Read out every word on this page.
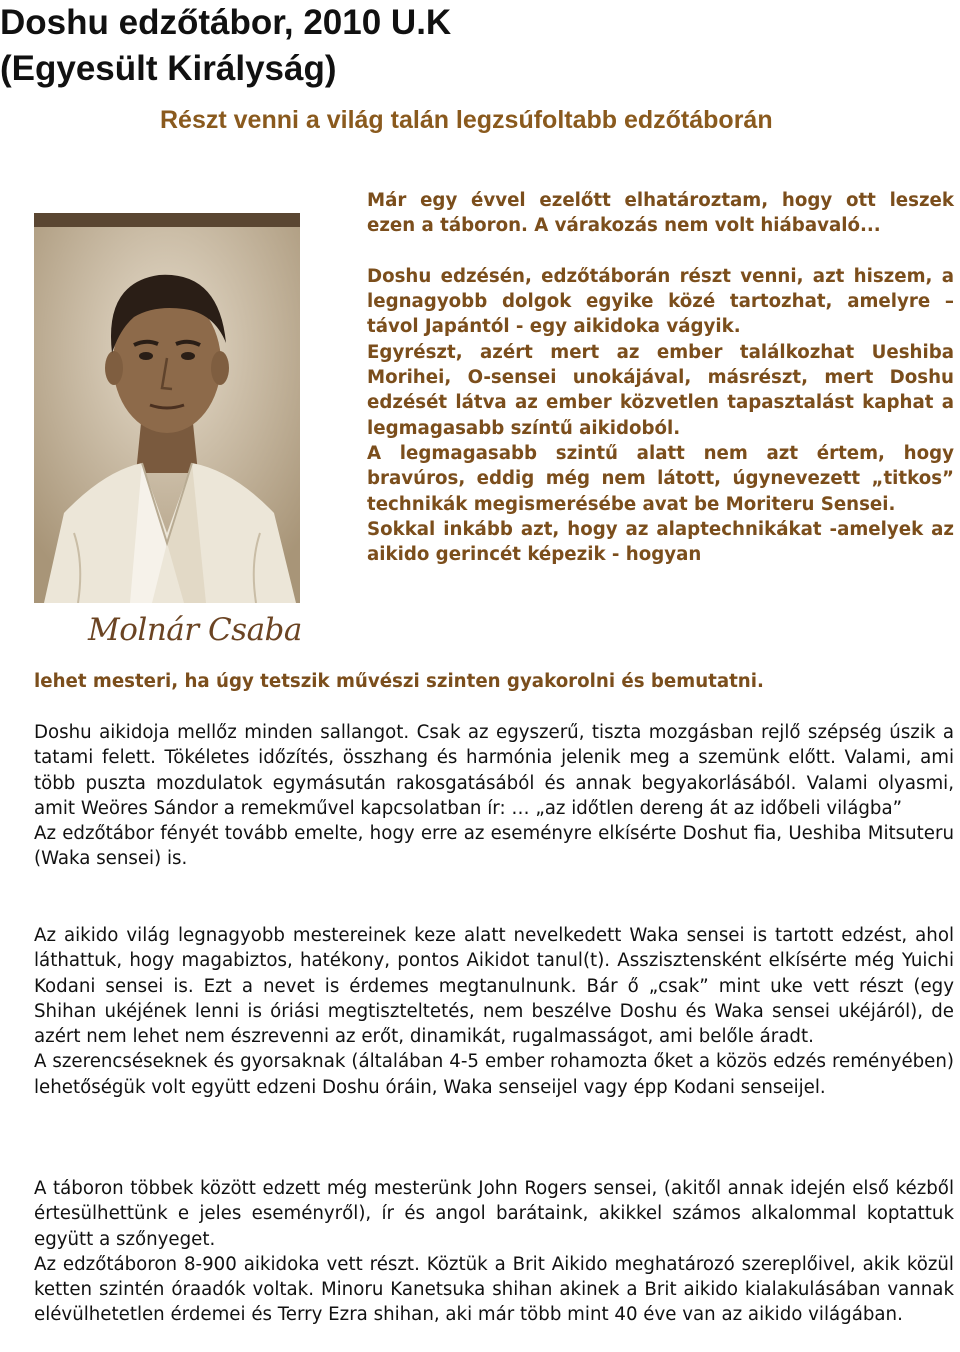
Doshu edzőtábor, 2010 U.K
(Egyesült Királyság)
Részt venni a világ talán legzsúfoltabb edzőtáborán
Molnár Csaba

Már egy évvel ezelőtt elhatároztam, hogy ott leszek ezen a táboron. A várakozás nem volt hiábavaló...

Doshu edzésén, edzőtáborán részt venni, azt hiszem, a legnagyobb dolgok egyike közé tartozhat, amelyre – távol Japántól - egy aikidoka vágyik.

Egyrészt, azért mert az ember találkozhat Ueshiba Morihei, O-sensei unokájával, másrészt, mert Doshu edzését látva az ember közvetlen tapasztalást kaphat a legmagasabb színtű aikidoból.

A legmagasabb szintű alatt nem azt értem, hogy bravúros, eddig még nem látott, úgynevezett „titkos” technikák megismerésébe avat be Moriteru Sensei.

Sokkal inkább azt, hogy az alaptechnikákat -amelyek az aikido gerincét képezik - hogyan

lehet mesteri, ha úgy tetszik művészi szinten gyakorolni és bemutatni.

Doshu aikidoja mellőz minden sallangot. Csak az egyszerű, tiszta mozgásban rejlő szépség úszik a tatami felett. Tökéletes időzítés, összhang és harmónia jelenik meg a szemünk előtt. Valami, ami több puszta mozdulatok egymásután rakosgatásából és annak begyakorlásából. Valami olyasmi, amit Weöres Sándor a remekművel kapcsolatban ír: … „az időtlen dereng át az időbeli világba”

Az edzőtábor fényét tovább emelte, hogy erre az eseményre elkísérte Doshut fia, Ueshiba Mitsuteru (Waka sensei) is.

Az aikido világ legnagyobb mestereinek keze alatt nevelkedett Waka sensei is tartott edzést, ahol láthattuk, hogy magabiztos, hatékony, pontos Aikidot tanul(t). Asszisztensként elkísérte még Yuichi Kodani sensei is. Ezt a nevet is érdemes megtanulnunk. Bár ő „csak” mint uke vett részt (egy Shihan ukéjének lenni is óriási megtiszteltetés, nem beszélve Doshu és Waka sensei ukéjáról), de azért nem lehet nem észrevenni az erőt, dinamikát, rugalmasságot, ami belőle áradt.

A szerencséseknek és gyorsaknak (általában 4-5 ember rohamozta őket a közös edzés reményében) lehetőségük volt együtt edzeni Doshu óráin, Waka senseijel vagy épp Kodani senseijel.

A táboron többek között edzett még mesterünk John Rogers sensei, (akitől annak idején első kézből értesülhettünk e jeles eseményről), ír és angol barátaink, akikkel számos alkalommal koptattuk együtt a szőnyeget.

Az edzőtáboron 8-900 aikidoka vett részt. Köztük a Brit Aikido meghatározó szereplőivel, akik közül ketten szintén óraadók voltak. Minoru Kanetsuka shihan akinek a Brit aikido kialakulásában vannak elévülhetetlen érdemei és Terry Ezra shihan, aki már több mint 40 éve van az aikido világában.
